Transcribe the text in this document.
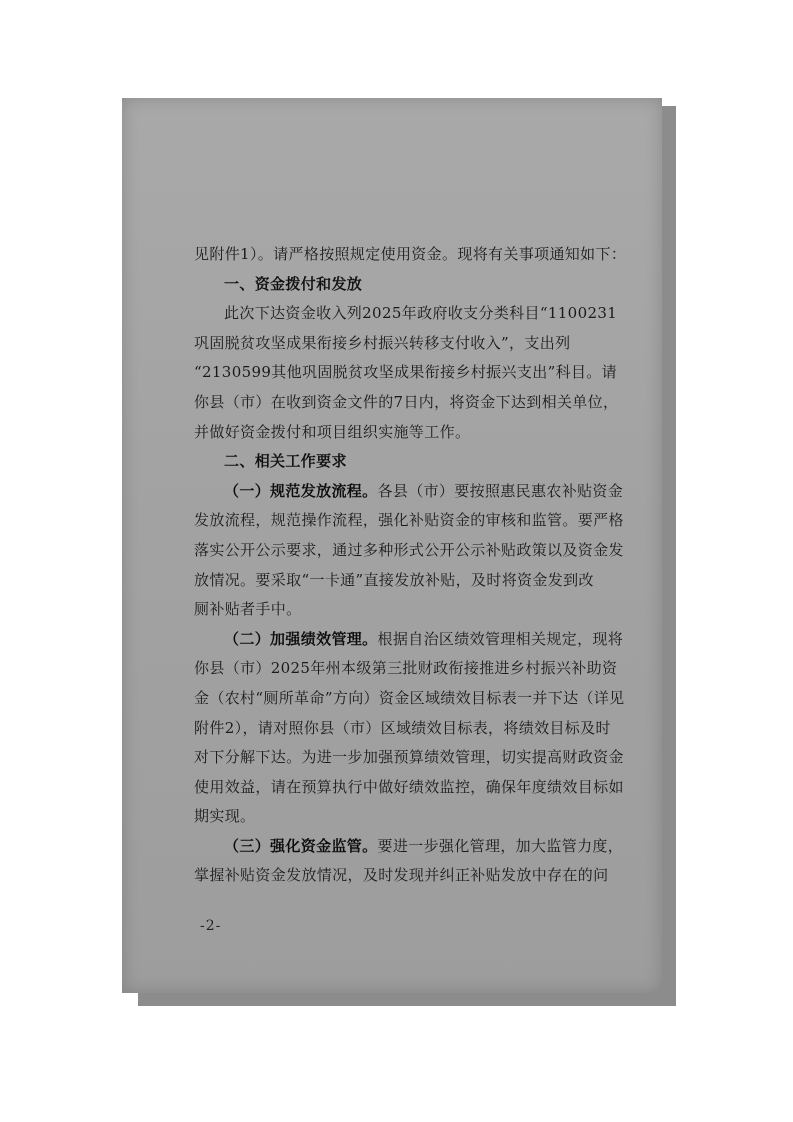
见附件1）。请严格按照规定使用资金。现将有关事项通知如下：
一、资金拨付和发放
此次下达资金收入列2025年政府收支分类科目“1100231
巩固脱贫攻坚成果衔接乡村振兴转移支付收入”，支出列
“2130599其他巩固脱贫攻坚成果衔接乡村振兴支出”科目。请
你县（市）在收到资金文件的7日内，将资金下达到相关单位，
并做好资金拨付和项目组织实施等工作。
二、相关工作要求
（一）规范发放流程。各县（市）要按照惠民惠农补贴资金
发放流程，规范操作流程，强化补贴资金的审核和监管。要严格
落实公开公示要求，通过多种形式公开公示补贴政策以及资金发
放情况。要采取“一卡通”直接发放补贴，及时将资金发到改
厕补贴者手中。
（二）加强绩效管理。根据自治区绩效管理相关规定，现将
你县（市）2025年州本级第三批财政衔接推进乡村振兴补助资
金（农村“厕所革命”方向）资金区域绩效目标表一并下达（详见
附件2），请对照你县（市）区域绩效目标表，将绩效目标及时
对下分解下达。为进一步加强预算绩效管理，切实提高财政资金
使用效益，请在预算执行中做好绩效监控，确保年度绩效目标如
期实现。
（三）强化资金监管。要进一步强化管理，加大监管力度，
掌握补贴资金发放情况，及时发现并纠正补贴发放中存在的问
-2-
